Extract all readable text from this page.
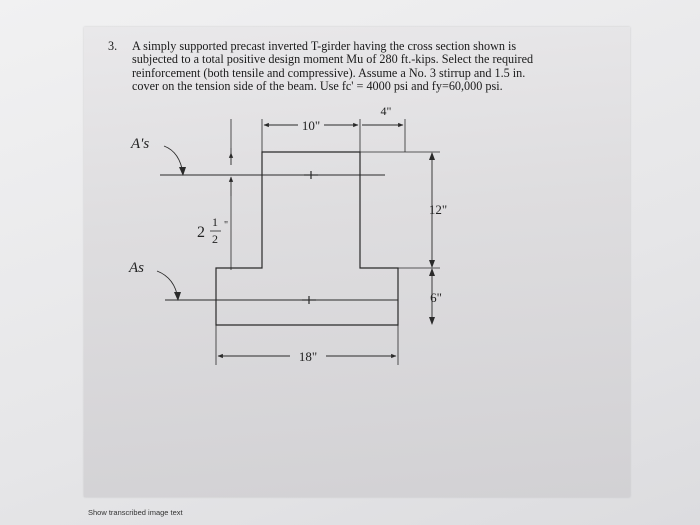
3. A simply supported precast inverted T-girder having the cross section shown is
subjected to a total positive design moment Mu of 280 ft.-kips. Select the required
reinforcement (both tensile and compressive). Assume a No. 3 stirrup and 1.5 in.
cover on the tension side of the beam. Use fc' = 4000 psi and fy=60,000 psi.
10"
4"
2
1
2
"
18"
12"
6"
A's
As
Show transcribed image text
